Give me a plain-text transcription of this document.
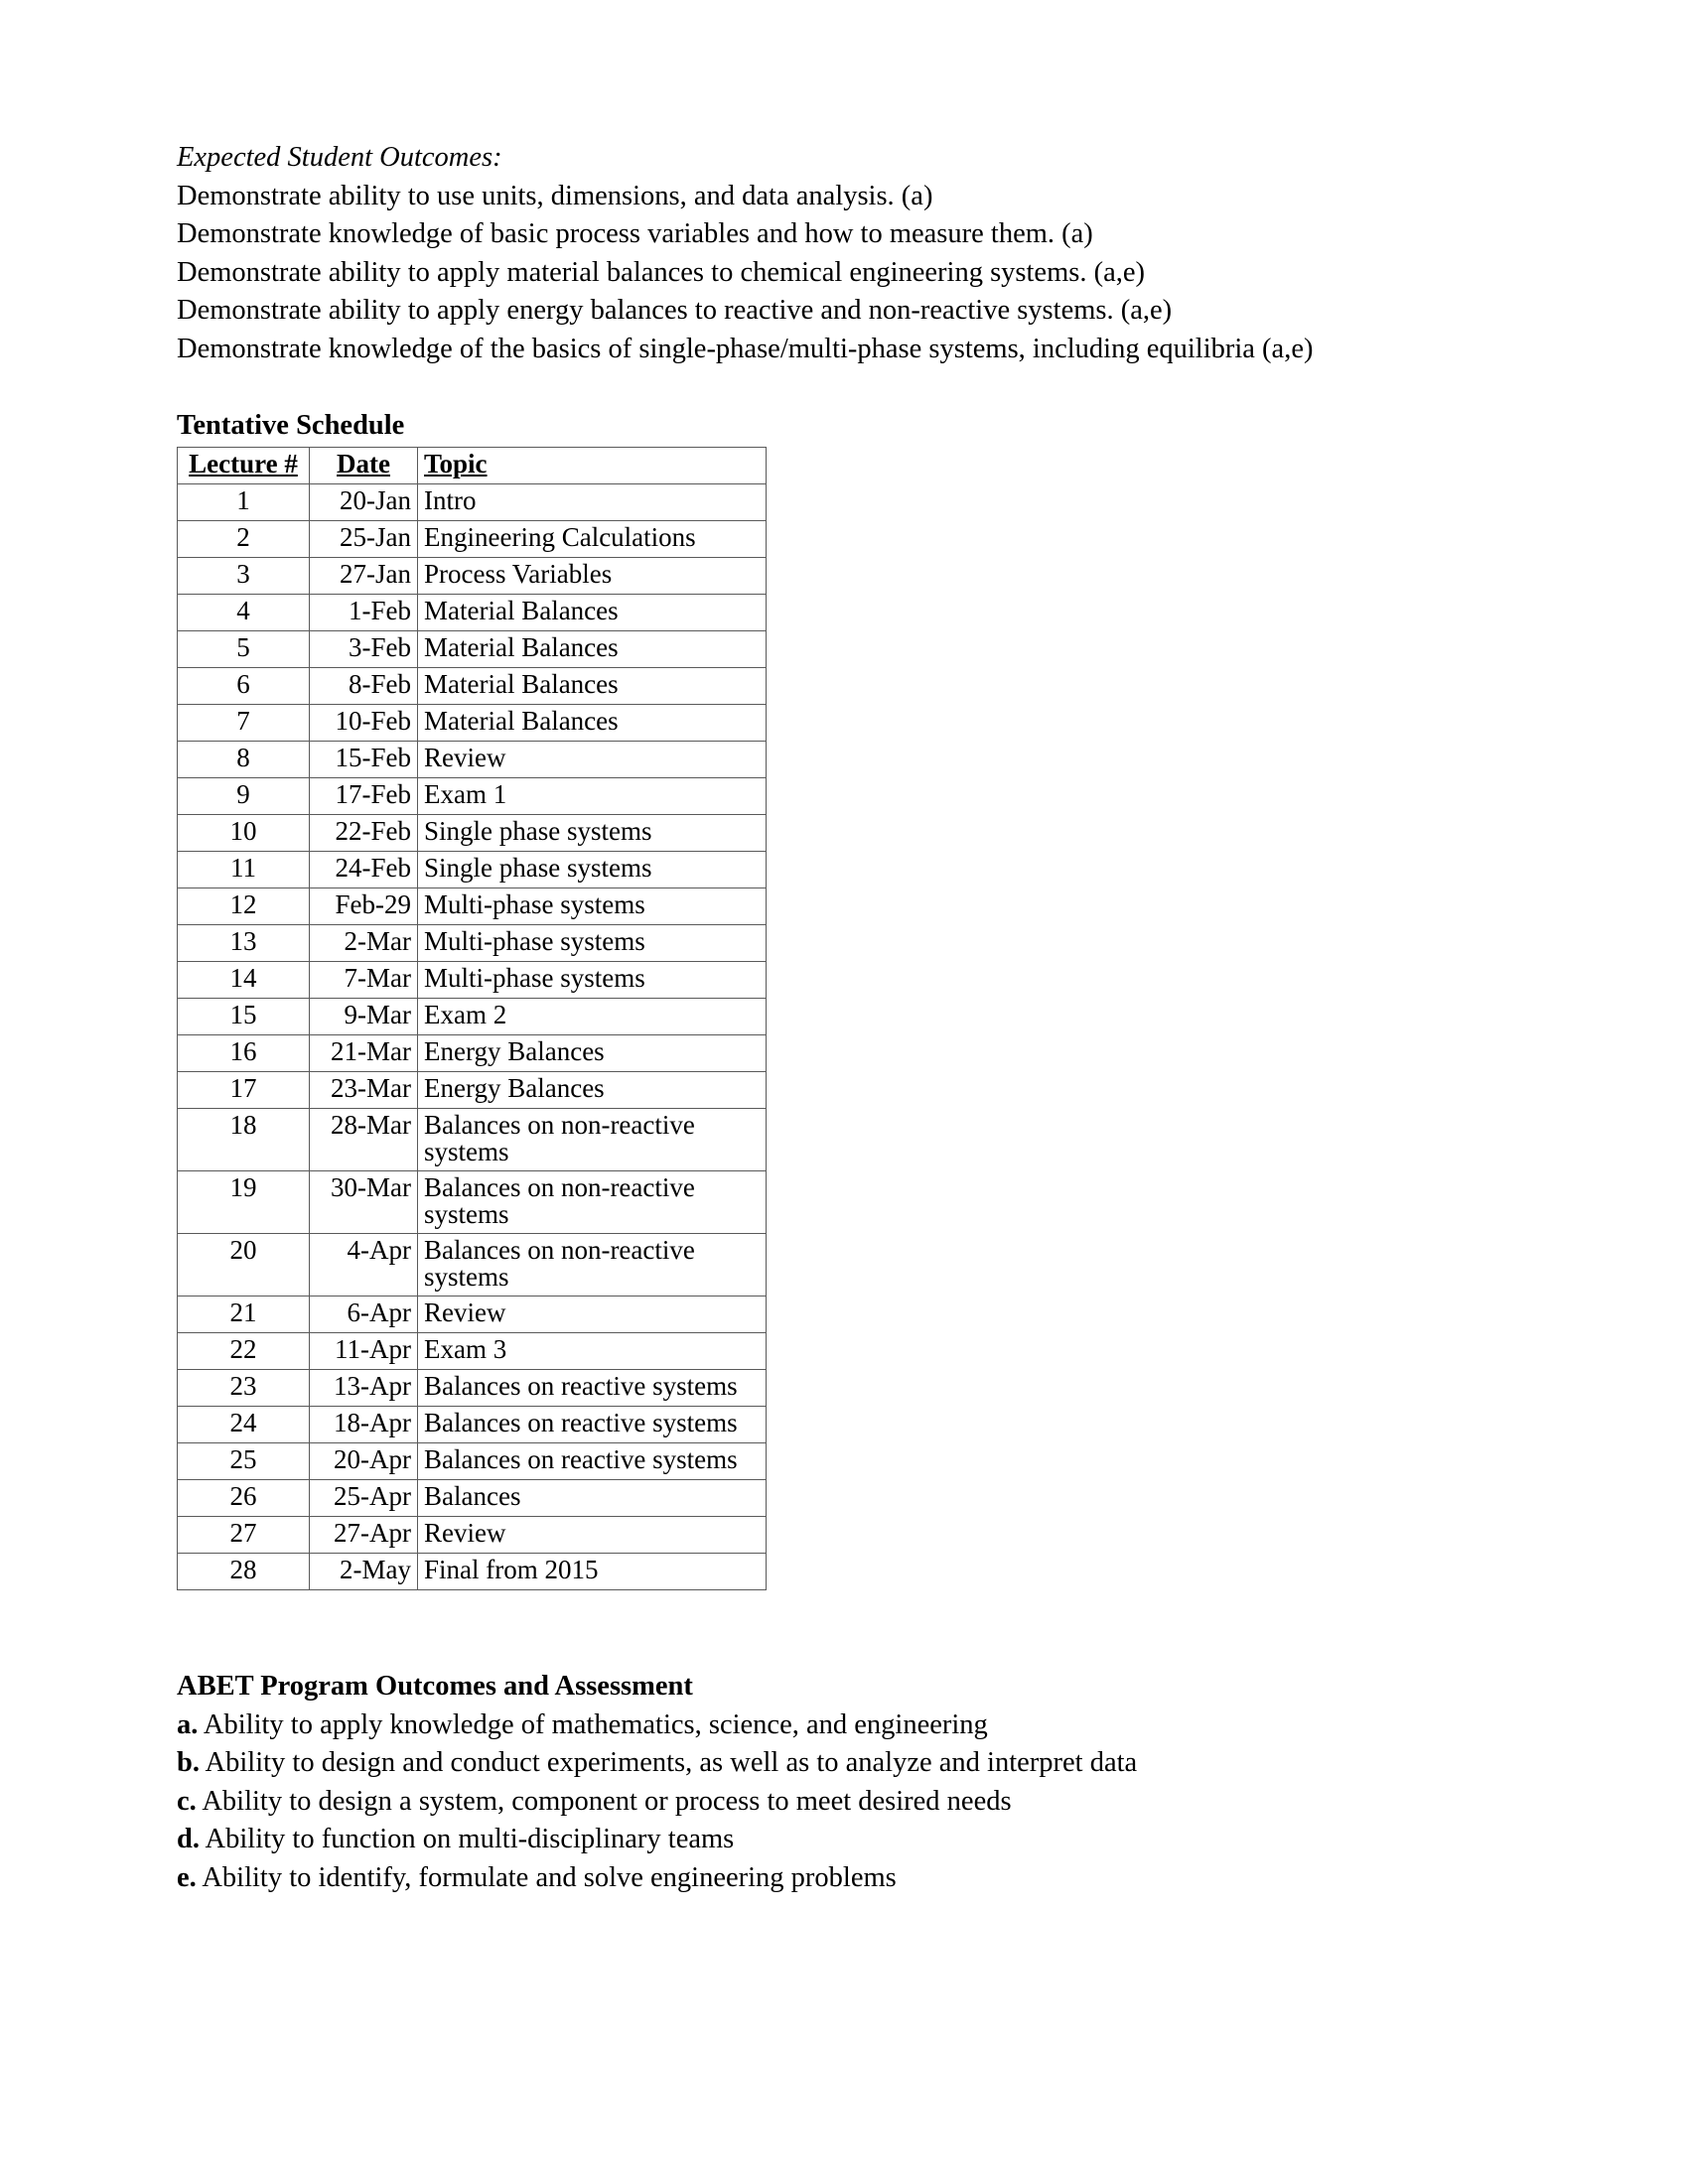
Expected Student Outcomes:
Demonstrate ability to use units, dimensions, and data analysis. (a)
Demonstrate knowledge of basic process variables and how to measure them. (a)
Demonstrate ability to apply material balances to chemical engineering systems. (a,e)
Demonstrate ability to apply energy balances to reactive and non-reactive systems. (a,e)
Demonstrate knowledge of the basics of single-phase/multi-phase systems, including equilibria (a,e)
Tentative Schedule
Lecture #	Date	Topic
1	20-Jan	Intro
2	25-Jan	Engineering Calculations
3	27-Jan	Process Variables
4	1-Feb	Material Balances
5	3-Feb	Material Balances
6	8-Feb	Material Balances
7	10-Feb	Material Balances
8	15-Feb	Review
9	17-Feb	Exam 1
10	22-Feb	Single phase systems
11	24-Feb	Single phase systems
12	Feb-29	Multi-phase systems
13	2-Mar	Multi-phase systems
14	7-Mar	Multi-phase systems
15	9-Mar	Exam 2
16	21-Mar	Energy Balances
17	23-Mar	Energy Balances
18	28-Mar	Balances on non-reactive systems
19	30-Mar	Balances on non-reactive systems
20	4-Apr	Balances on non-reactive systems
21	6-Apr	Review
22	11-Apr	Exam 3
23	13-Apr	Balances on reactive systems
24	18-Apr	Balances on reactive systems
25	20-Apr	Balances on reactive systems
26	25-Apr	Balances
27	27-Apr	Review
28	2-May	Final from 2015
ABET Program Outcomes and Assessment
a. Ability to apply knowledge of mathematics, science, and engineering
b. Ability to design and conduct experiments, as well as to analyze and interpret data
c. Ability to design a system, component or process to meet desired needs
d. Ability to function on multi-disciplinary teams
e. Ability to identify, formulate and solve engineering problems
